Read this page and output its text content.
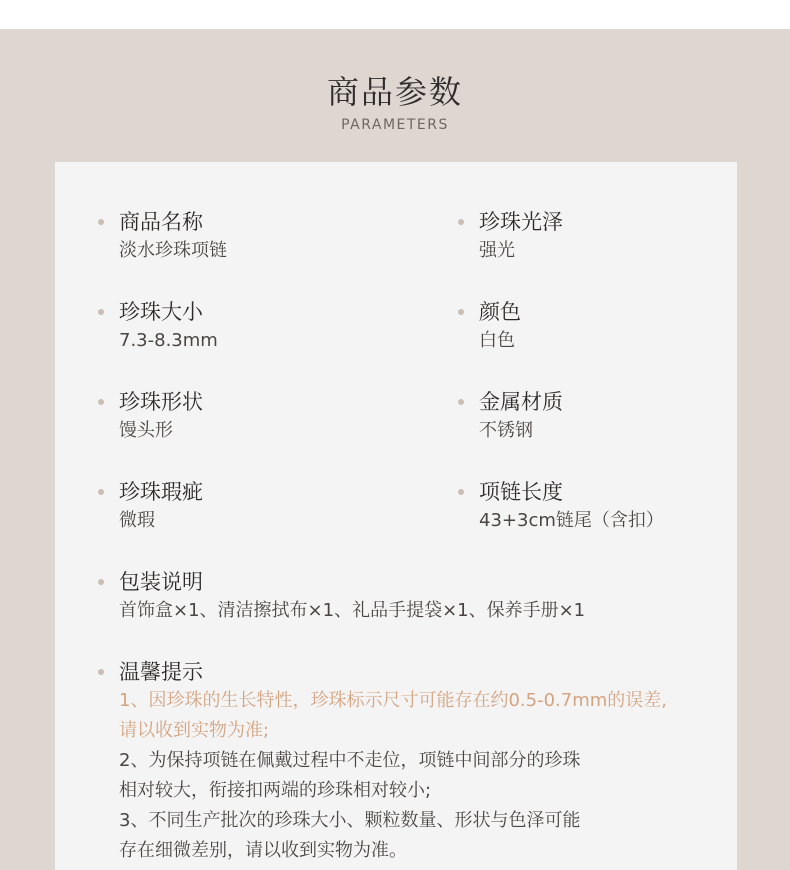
商品参数
PARAMETERS
商品名称
淡水珍珠项链
珍珠大小
7.3-8.3mm
珍珠形状
馒头形
珍珠瑕疵
微瑕
珍珠光泽
强光
颜色
白色
金属材质
不锈钢
项链长度
43+3cm链尾（含扣）
包装说明
首饰盒×1、清洁擦拭布×1、礼品手提袋×1、保养手册×1
温馨提示
1、因珍珠的生长特性，珍珠标示尺寸可能存在约0.5-0.7mm的误差,
请以收到实物为准;
2、为保持项链在佩戴过程中不走位，项链中间部分的珍珠
相对较大，衔接扣两端的珍珠相对较小;
3、不同生产批次的珍珠大小、颗粒数量、形状与色泽可能
存在细微差别，请以收到实物为准。
